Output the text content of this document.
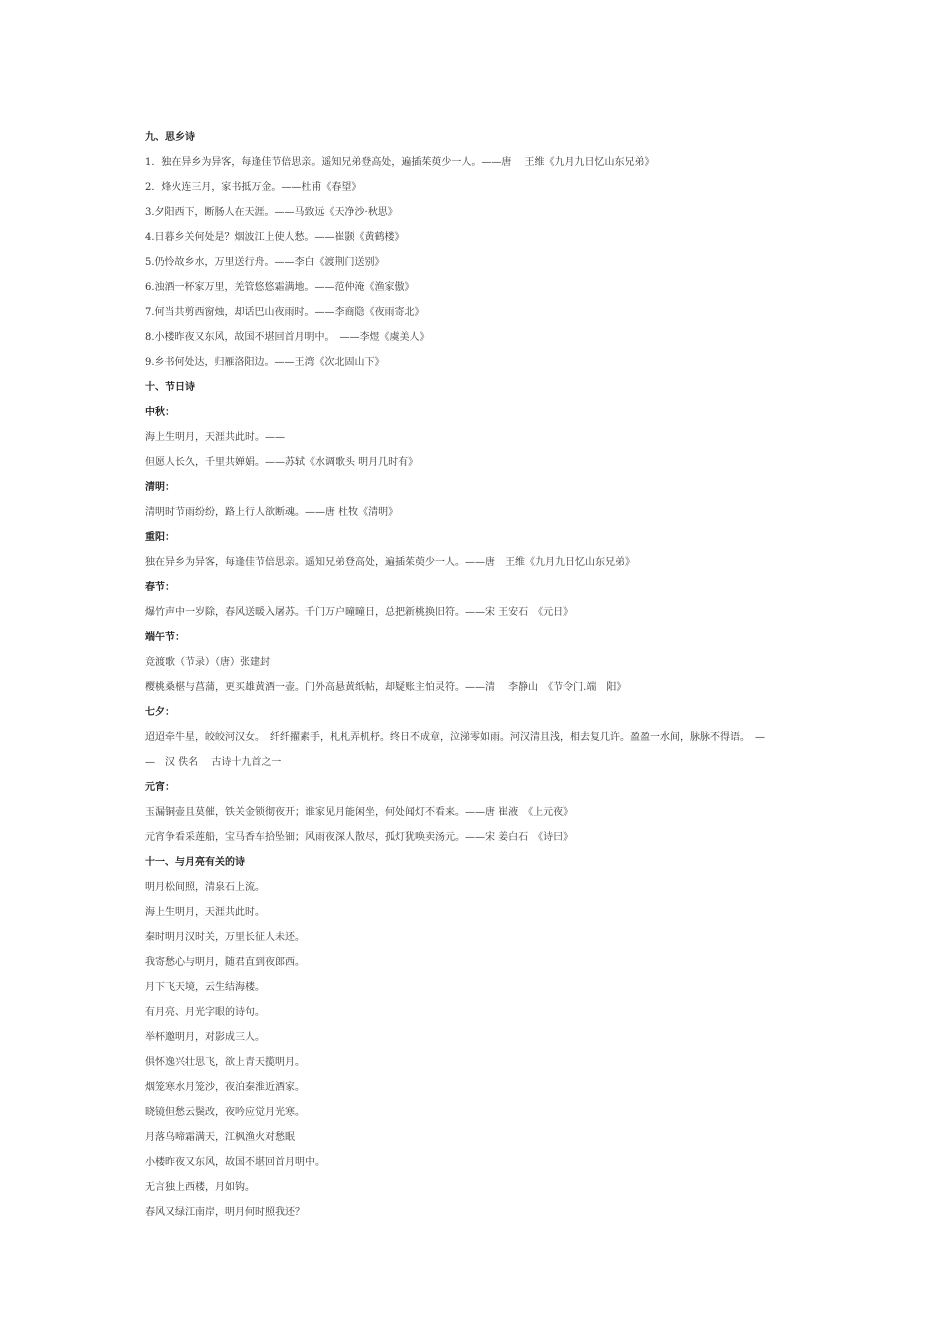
九、思乡诗
1．独在异乡为异客，每逢佳节倍思亲。遥知兄弟登高处，遍插茱萸少一人。——唐　 王维《九月九日忆山东兄弟》
2．烽火连三月，家书抵万金。——杜甫《春望》
3.夕阳西下，断肠人在天涯。——马致远《天净沙·秋思》
4.日暮乡关何处是？烟波江上使人愁。——崔颢《黄鹤楼》
5.仍怜故乡水，万里送行舟。——李白《渡荆门送别》
6.浊酒一杯家万里，羌管悠悠霜满地。——范仲淹《渔家傲》
7.何当共剪西窗烛，却话巴山夜雨时。——李商隐《夜雨寄北》
8.小楼昨夜又东风，故国不堪回首月明中。　——李煜《虞美人》
9.乡书何处达，归雁洛阳边。——王湾《次北固山下》
十、节日诗
中秋：
海上生明月，天涯共此时。——
但愿人长久，千里共婵娟。——苏轼《水调歌头 明月几时有》
清明：
清明时节雨纷纷，路上行人欲断魂。——唐 杜牧《清明》
重阳：
独在异乡为异客，每逢佳节倍思亲。遥知兄弟登高处，遍插茱萸少一人。——唐　王维《九月九日忆山东兄弟》
春节：
爆竹声中一岁除，春风送暖入屠苏。千门万户曈曈日，总把新桃换旧符。——宋 王安石　《元日》
端午节：
竞渡歌（节录）（唐）张建封
樱桃桑椹与菖蒲，更买雄黄酒一壶。门外高悬黄纸帖，却疑账主怕灵符。——清　 李静山　《节令门.端　阳》
七夕：
迢迢牵牛星，皎皎河汉女。　纤纤擢素手，札札弄机杼。终日不成章，泣涕零如雨。河汉清且浅，相去复几许。盈盈一水间，脉脉不得语。　—
—　汉 佚名　 古诗十九首之一
元宵：
玉漏铜壶且莫催，铁关金锁彻夜开；谁家见月能闲坐，何处闻灯不看来。——唐 崔液　《上元夜》
元宵争看采莲船，宝马香车拾坠钿；风雨夜深人散尽，孤灯犹唤卖汤元。——宋 姜白石　《诗曰》
十一、与月亮有关的诗
明月松间照，清泉石上流。
海上生明月，天涯共此时。
秦时明月汉时关，万里长征人未还。
我寄愁心与明月，随君直到夜郎西。
月下飞天境，云生结海楼。
有月亮、月光字眼的诗句。
举杯邀明月，对影成三人。
俱怀逸兴壮思飞，欲上青天揽明月。
烟笼寒水月笼沙，夜泊秦淮近酒家。
晓镜但愁云鬓改，夜吟应觉月光寒。
月落乌啼霜满天，江枫渔火对愁眠
小楼昨夜又东风，故国不堪回首月明中。
无言独上西楼，月如钩。
春风又绿江南岸，明月何时照我还？
